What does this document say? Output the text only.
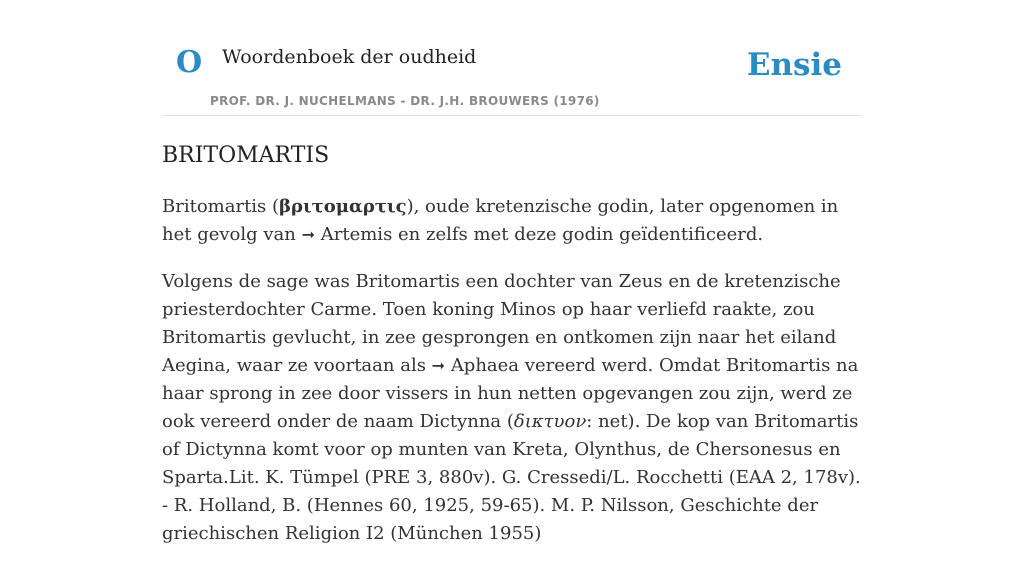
O Woordenboek der oudheid
PROF. DR. J. NUCHELMANS - DR. J.H. BROUWERS (1976)
Ensie
BRITOMARTIS

Britomartis (βριτομαρτις), oude kretenzische godin, later opgenomen in het gevolg van ➞ Artemis en zelfs met deze godin geïdentificeerd.

Volgens de sage was Britomartis een dochter van Zeus en de kretenzische priesterdochter Carme. Toen koning Minos op haar verliefd raakte, zou Britomartis gevlucht, in zee gesprongen en ontkomen zijn naar het eiland Aegina, waar ze voortaan als ➞ Aphaea vereerd werd. Omdat Britomartis na haar sprong in zee door vissers in hun netten opgevangen zou zijn, werd ze ook vereerd onder de naam Dictynna (δικτυον: net). De kop van Britomartis of Dictynna komt voor op munten van Kreta, Olynthus, de Chersonesus en Sparta.Lit. K. Tümpel (PRE 3, 880v). G. Cressedi/L. Rocchetti (EAA 2, 178v). - R. Holland, B. (Hennes 60, 1925, 59-65). M. P. Nilsson, Geschichte der griechischen Religion I2 (München 1955)
